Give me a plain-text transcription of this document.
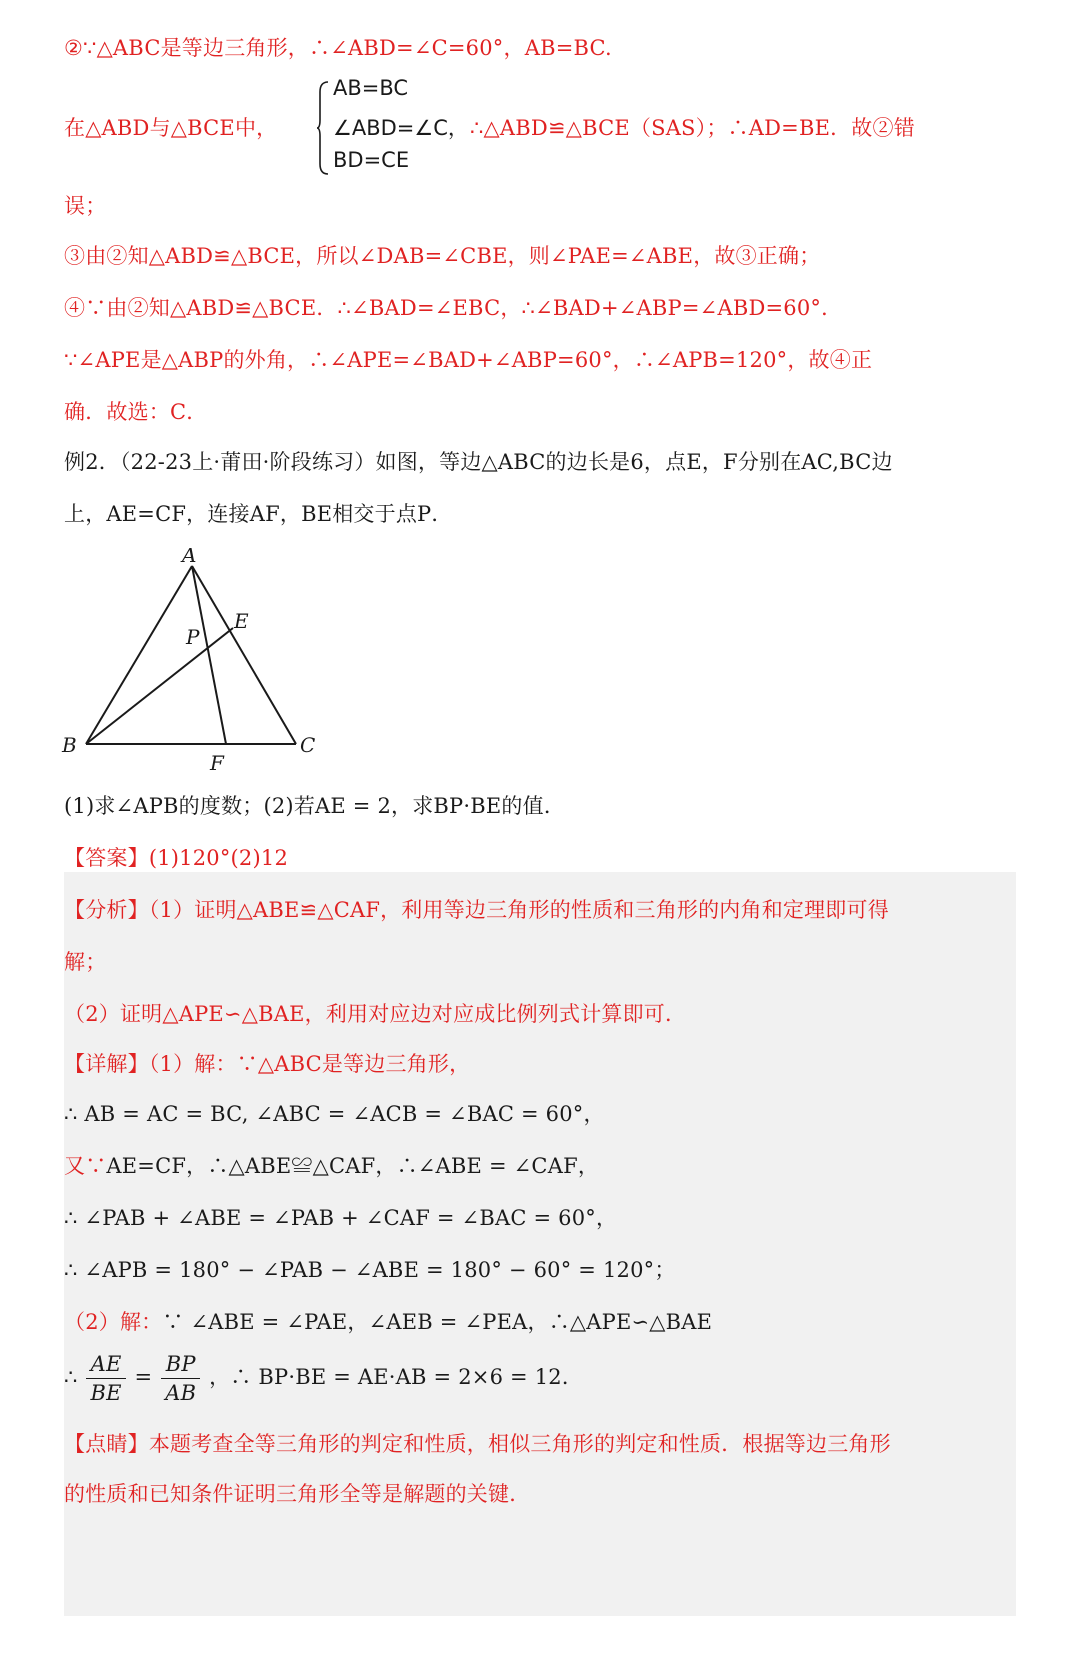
②∵△ABC是等边三角形，∴∠ABD=∠C=60°，AB=BC.
在△ABD与△BCE中，
AB=BC
∠ABD=∠C，
BD=CE
∴△ABD≌△BCE（SAS）；∴AD=BE．故②错
误；
③由②知△ABD≌△BCE，所以∠DAB=∠CBE，则∠PAE=∠ABE，故③正确；
④∵由②知△ABD≌△BCE．∴∠BAD=∠EBC，∴∠BAD+∠ABP=∠ABD=60°．
∵∠APE是△ABP的外角，∴∠APE=∠BAD+∠ABP=60°，∴∠APB=120°，故④正
确．故选：C．
例2．（22-23上·莆田·阶段练习）如图，等边△ABC的边长是6，点E，F分别在AC,BC边
上，AE=CF，连接AF，BE相交于点P．
A
B	C
E
F
P
(1)求∠APB的度数；(2)若AE = 2，求BP·BE的值．
【答案】(1)120°(2)12
【分析】（1）证明△ABE≌△CAF，利用等边三角形的性质和三角形的内角和定理即可得
解；
（2）证明△APE∽△BAE，利用对应边对应成比例列式计算即可．
【详解】（1）解：∵△ABC是等边三角形，
∴ AB = AC = BC, ∠ABC = ∠ACB = ∠BAC = 60°，
又∵AE=CF，∴△ABE≌△CAF，∴∠ABE = ∠CAF，
∴ ∠PAB + ∠ABE = ∠PAB + ∠CAF = ∠BAC = 60°，
∴ ∠APB = 180° − ∠PAB − ∠ABE = 180° − 60° = 120°；
（2）解：∵ ∠ABE = ∠PAE，∠AEB = ∠PEA，∴△APE∽△BAE
∴ $\frac{AE}{BE} = \frac{BP}{AB}$ ，∴ BP·BE = AE·AB = 2×6 = 12．
【点睛】本题考查全等三角形的判定和性质，相似三角形的判定和性质．根据等边三角形
的性质和已知条件证明三角形全等是解题的关键．
